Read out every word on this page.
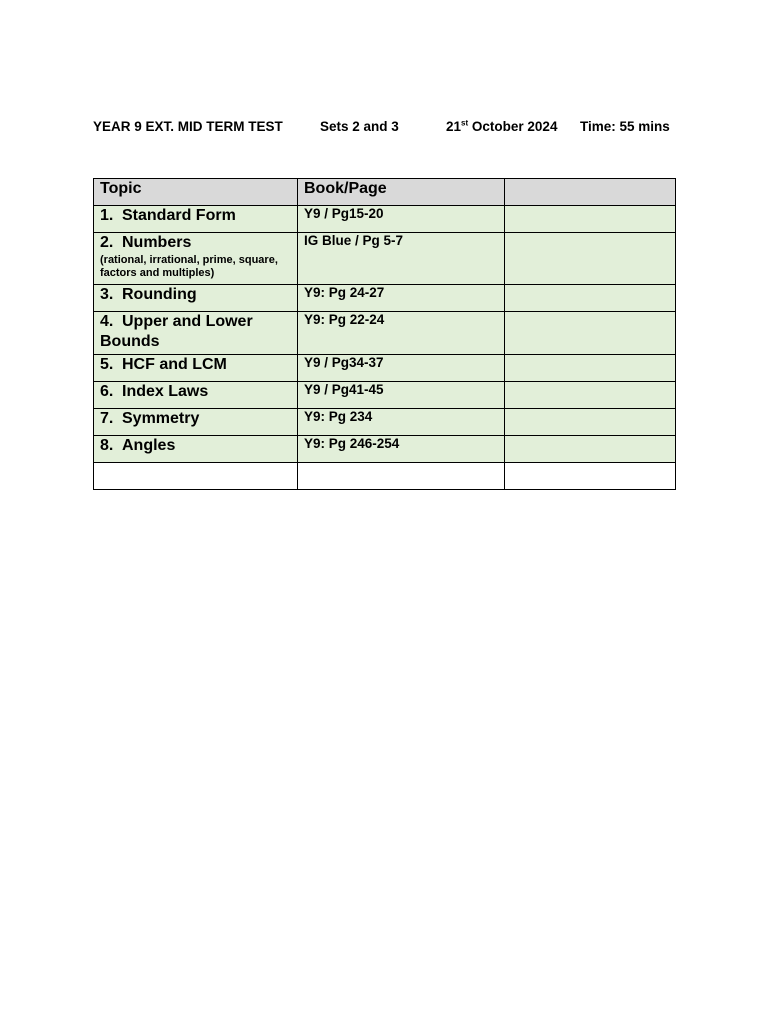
YEAR 9 EXT. MID TERM TEST	Sets 2 and 3	21st October 2024 Time: 55 mins
Topic	Book/Page	
1. Standard Form	Y9 / Pg15-20	
2. Numbers
(rational, irrational, prime, square, factors and multiples)	IG Blue / Pg 5-7	
3. Rounding	Y9: Pg 24-27	
4. Upper and Lower Bounds	Y9: Pg 22-24	
5. HCF and LCM	Y9 / Pg34-37	
6. Index Laws	Y9 / Pg41-45	
7. Symmetry	Y9: Pg 234	
8. Angles	Y9: Pg 246-254	
